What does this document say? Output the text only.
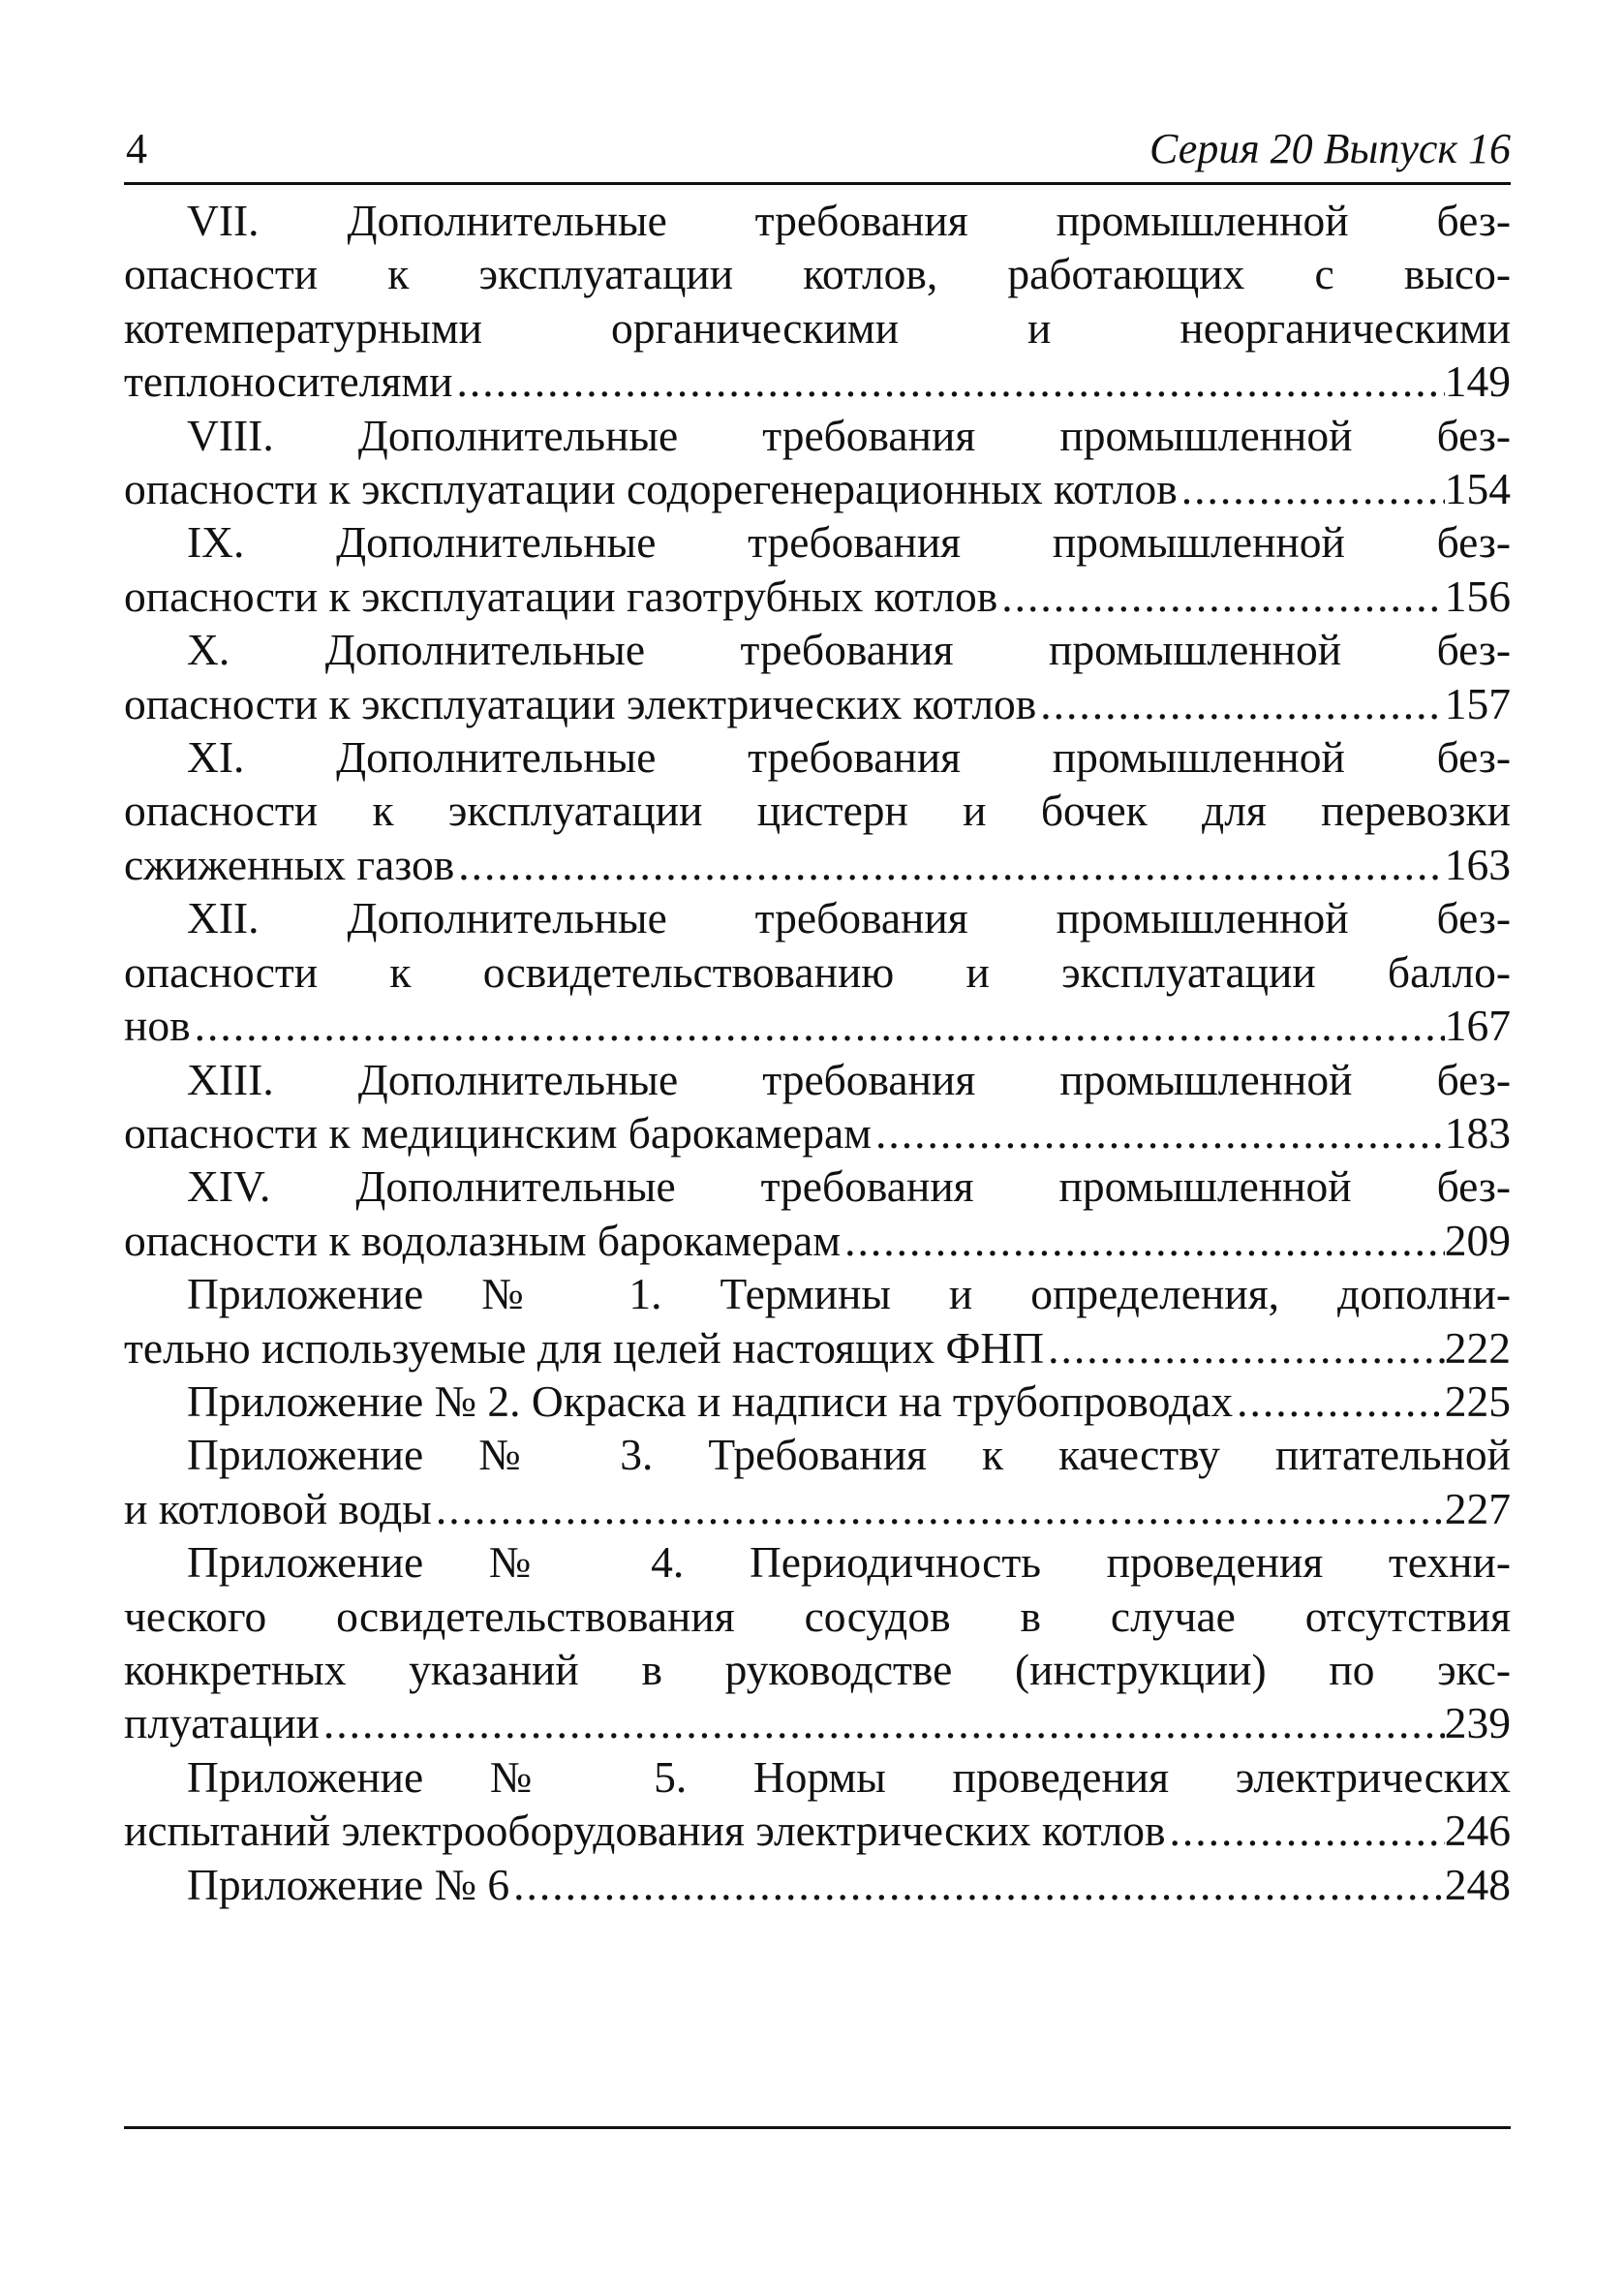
4	Серия 20 Выпуск 16
VII. Дополнительные требования промышленной без-
опасности к эксплуатации котлов, работающих с высо-
котемпературными органическими и неорганическими
теплоносителями .....	149
VIII. Дополнительные требования промышленной без-
опасности к эксплуатации содорегенерационных котлов .....	154
IX. Дополнительные требования промышленной без-
опасности к эксплуатации газотрубных котлов .....	156
X. Дополнительные требования промышленной без-
опасности к эксплуатации электрических котлов .....	157
XI. Дополнительные требования промышленной без-
опасности к эксплуатации цистерн и бочек для перевозки
сжиженных газов .....	163
XII. Дополнительные требования промышленной без-
опасности к освидетельствованию и эксплуатации балло-
нов .....	167
XIII. Дополнительные требования промышленной без-
опасности к медицинским барокамерам .....	183
XIV. Дополнительные требования промышленной без-
опасности к водолазным барокамерам .....	209
Приложение № 1. Термины и определения, дополни-
тельно используемые для целей настоящих ФНП .....	222
Приложение № 2. Окраска и надписи на трубопроводах .....	225
Приложение № 3. Требования к качеству питательной
и котловой воды .....	227
Приложение № 4. Периодичность проведения техни-
ческого освидетельствования сосудов в случае отсутствия
конкретных указаний в руководстве (инструкции) по экс-
плуатации .....	239
Приложение № 5. Нормы проведения электрических
испытаний электрооборудования электрических котлов .....	246
Приложение № 6 .....	248
